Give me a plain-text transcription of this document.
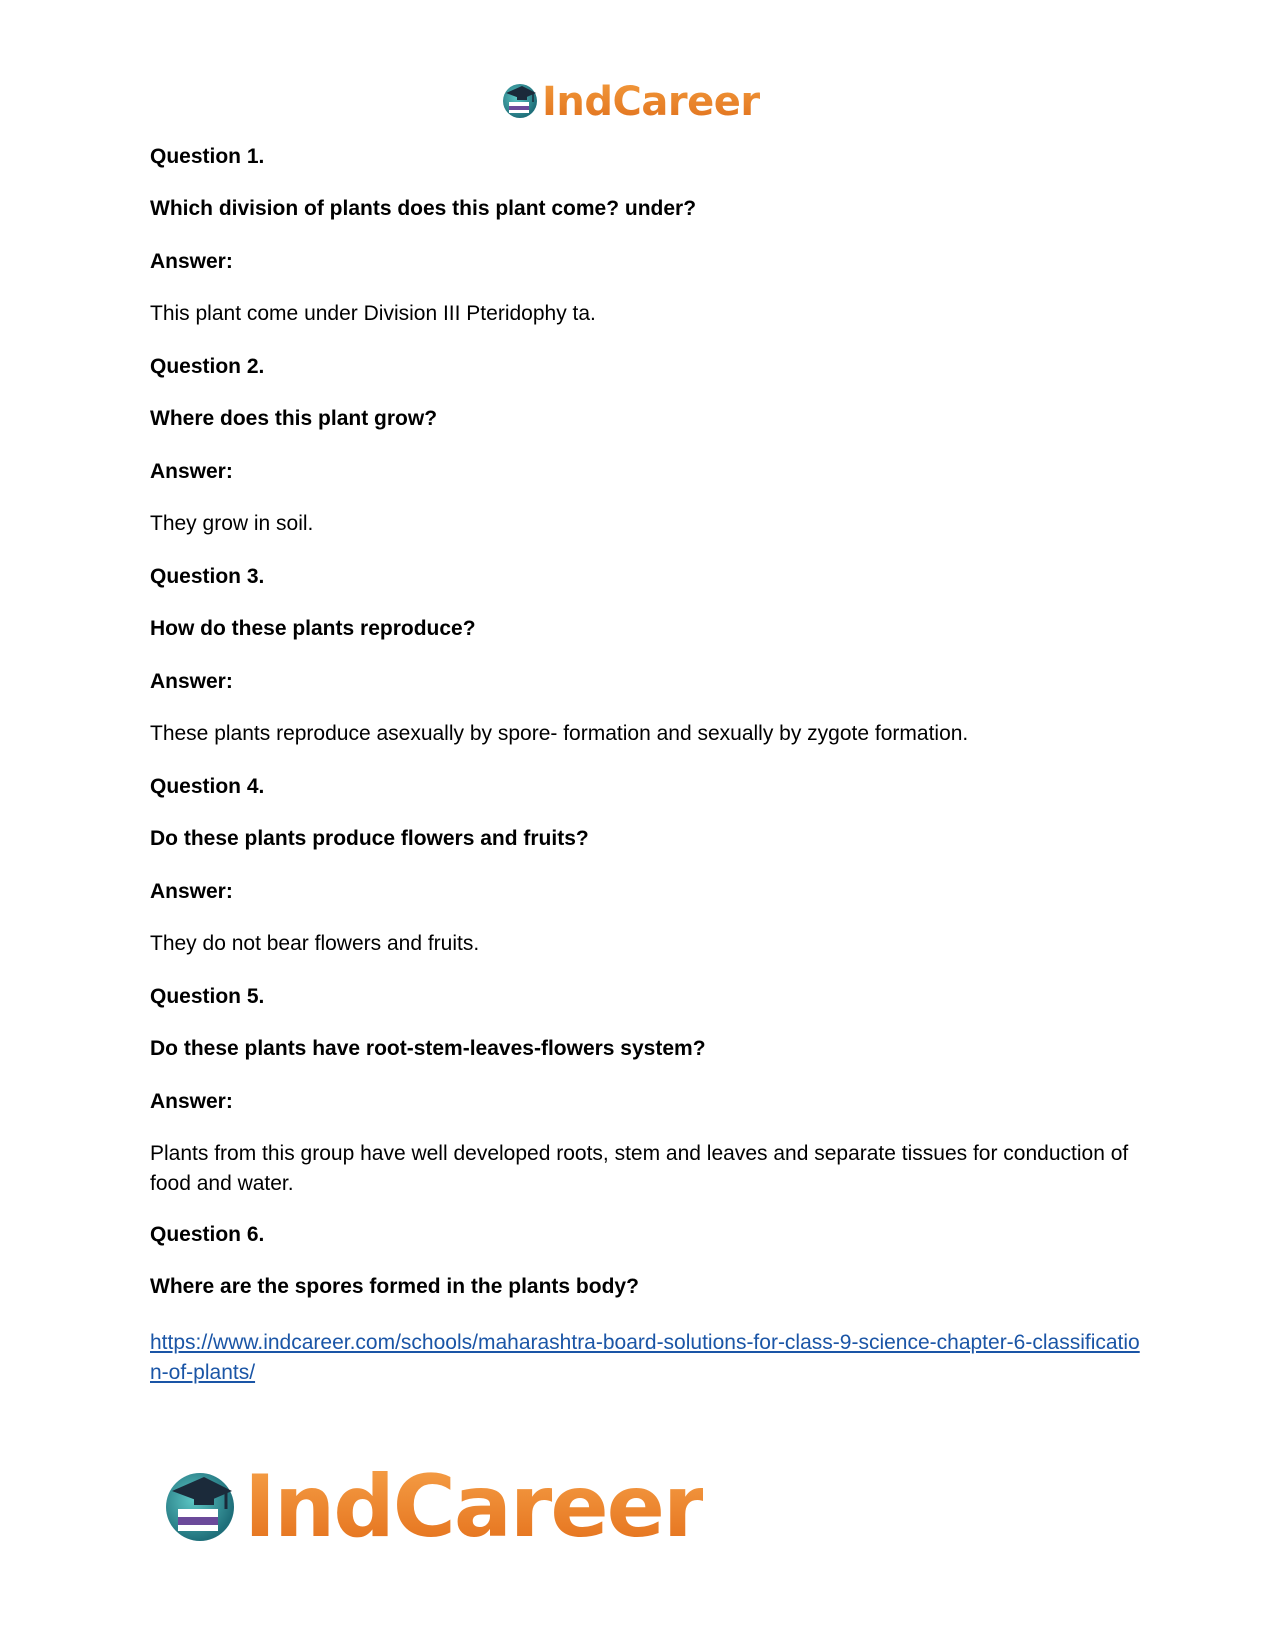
IndCareer
Question 1.
Which division of plants does this plant come? under?
Answer:
This plant come under Division III Pteridophy ta.
Question 2.
Where does this plant grow?
Answer:
They grow in soil.
Question 3.
How do these plants reproduce?
Answer:
These plants reproduce asexually by spore- formation and sexually by zygote formation.
Question 4.
Do these plants produce flowers and fruits?
Answer:
They do not bear flowers and fruits.
Question 5.
Do these plants have root-stem-leaves-flowers system?
Answer:
Plants from this group have well developed roots, stem and leaves and separate tissues for conduction of food and water.
Question 6.
Where are the spores formed in the plants body?
https://www.indcareer.com/schools/maharashtra-board-solutions-for-class-9-science-chapter-6-classification-of-plants/
IndCareer
